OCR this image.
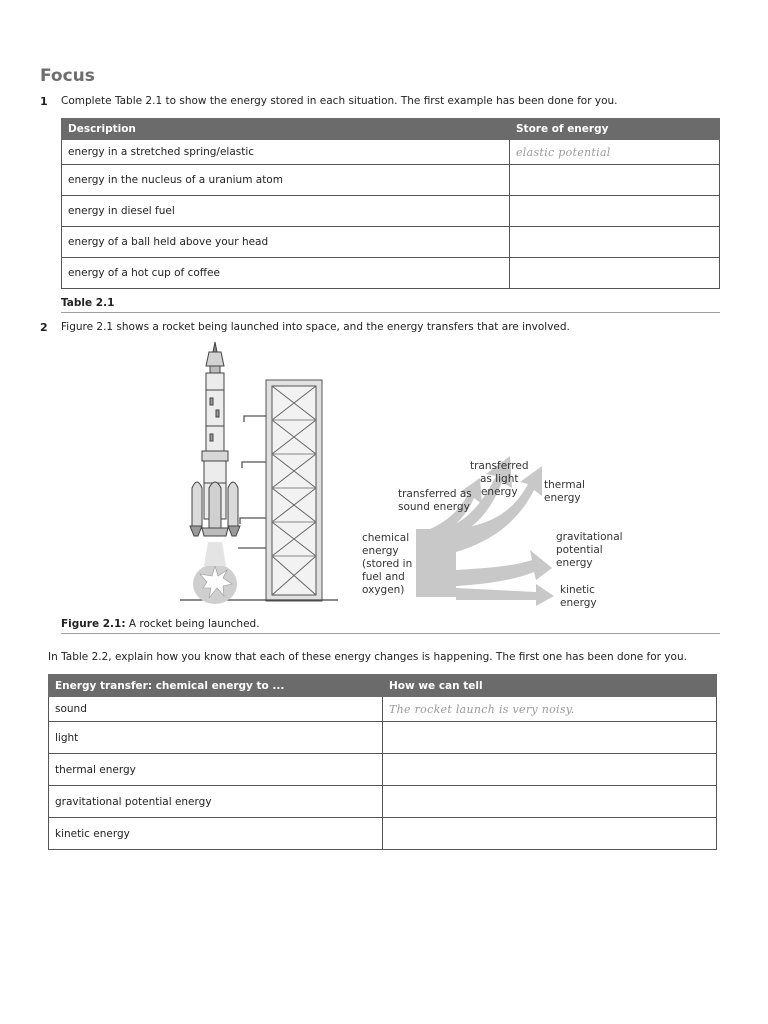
Focus
1 Complete Table 2.1 to show the energy stored in each situation. The first example has been done for you.
Description	Store of energy
energy in a stretched spring/elastic	elastic potential
energy in the nucleus of a uranium atom	
energy in diesel fuel	
energy of a ball held above your head	
energy of a hot cup of coffee	
Table 2.1
2 Figure 2.1 shows a rocket being launched into space, and the energy transfers that are involved.
chemical
energy
(stored in
fuel and
oxygen)
transferred as
sound energy
transferred
as light
energy
thermal
energy
gravitational
potential
energy
kinetic
energy
Figure 2.1: A rocket being launched.
In Table 2.2, explain how you know that each of these energy changes is happening. The first one has been done for you.
Energy transfer: chemical energy to ...	How we can tell
sound	The rocket launch is very noisy.
light	
thermal energy	
gravitational potential energy	
kinetic energy	
